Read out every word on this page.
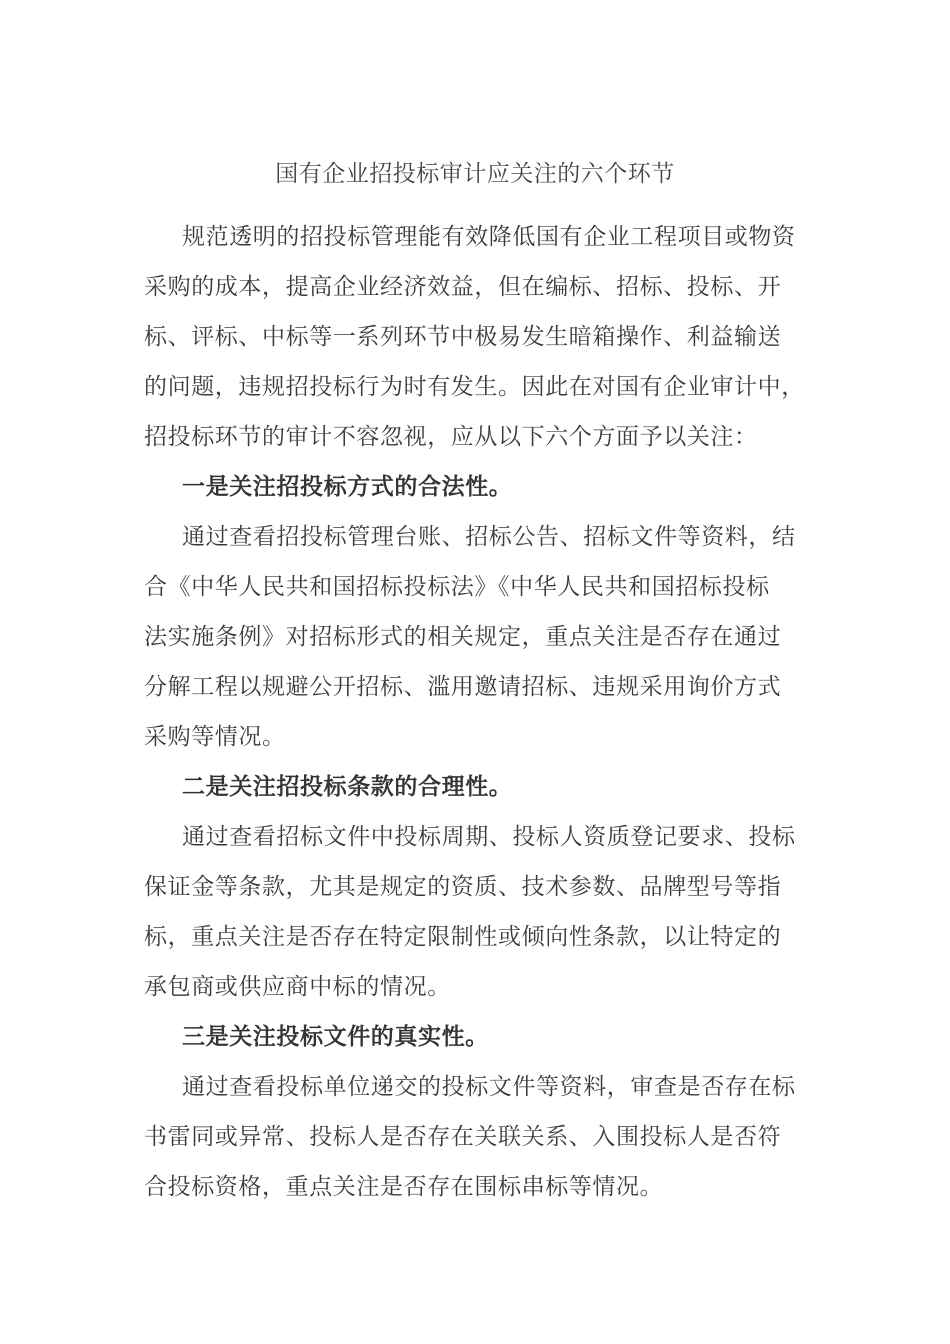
国有企业招投标审计应关注的六个环节
规范透明的招投标管理能有效降低国有企业工程项目或物资
采购的成本，提高企业经济效益，但在编标、招标、投标、开
标、评标、中标等一系列环节中极易发生暗箱操作、利益输送
的问题，违规招投标行为时有发生。因此在对国有企业审计中，
招投标环节的审计不容忽视，应从以下六个方面予以关注：
一是关注招投标方式的合法性。
通过查看招投标管理台账、招标公告、招标文件等资料，结
合《中华人民共和国招标投标法》《中华人民共和国招标投标
法实施条例》对招标形式的相关规定，重点关注是否存在通过
分解工程以规避公开招标、滥用邀请招标、违规采用询价方式
采购等情况。
二是关注招投标条款的合理性。
通过查看招标文件中投标周期、投标人资质登记要求、投标
保证金等条款，尤其是规定的资质、技术参数、品牌型号等指
标，重点关注是否存在特定限制性或倾向性条款，以让特定的
承包商或供应商中标的情况。
三是关注投标文件的真实性。
通过查看投标单位递交的投标文件等资料，审查是否存在标
书雷同或异常、投标人是否存在关联关系、入围投标人是否符
合投标资格，重点关注是否存在围标串标等情况。
